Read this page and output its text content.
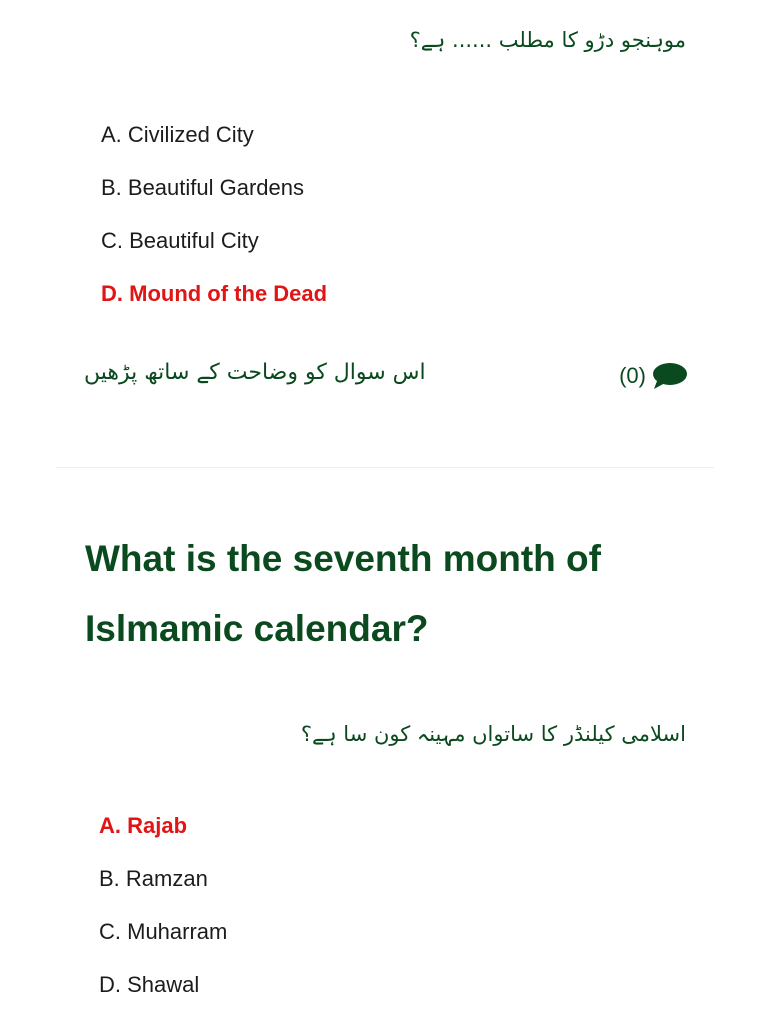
موہنجو دڑو کا مطلب ...... ہے؟
A. Civilized City
B. Beautiful Gardens
C. Beautiful City
D. Mound of the Dead
اس سوال کو وضاحت کے ساتھ پڑھیں	(0)
What is the seventh month of Islmamic calendar?
اسلامی کیلنڈر کا ساتواں مہینہ کون سا ہے؟
A. Rajab
B. Ramzan
C. Muharram
D. Shawal
